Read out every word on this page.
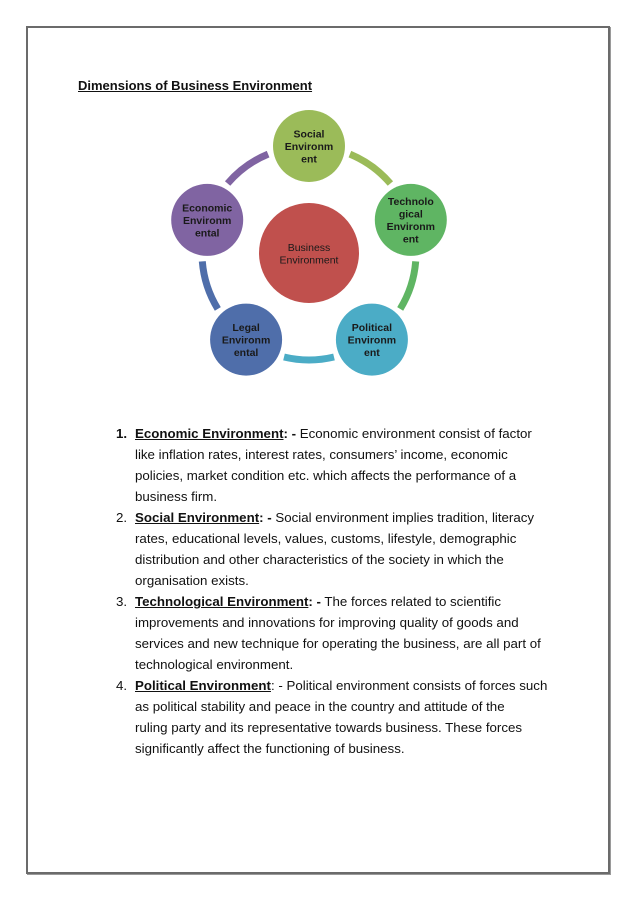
Dimensions of Business Environment
Social Environm ent
Technolo gical Environm ent
Political Environm ent
Legal Environm ental
Economic Environm ental
Business Environment
1. Economic Environment: - Economic environment consist of factor
like inflation rates, interest rates, consumers’ income, economic
policies, market condition etc. which affects the performance of a
business firm.
2. Social Environment: - Social environment implies tradition, literacy
rates, educational levels, values, customs, lifestyle, demographic
distribution and other characteristics of the society in which the
organisation exists.
3. Technological Environment: - The forces related to scientific
improvements and innovations for improving quality of goods and
services and new technique for operating the business, are all part of
technological environment.
4. Political Environment: - Political environment consists of forces such
as political stability and peace in the country and attitude of the
ruling party and its representative towards business. These forces
significantly affect the functioning of business.
